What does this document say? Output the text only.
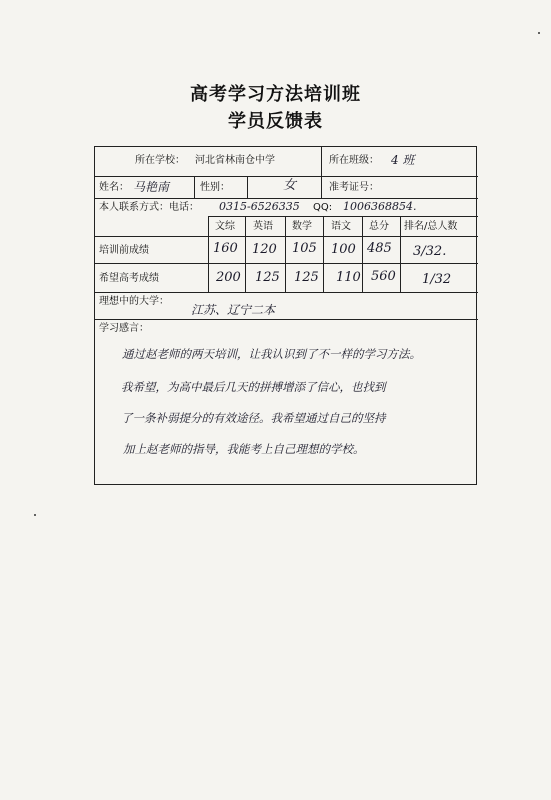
高考学习方法培训班
学员反馈表
所在学校： 河北省林南仓中学	所在班级： 4 班
姓名： 马艳南	性别：	女	准考证号：
本人联系方式：电话： 0315-6526335 QQ: 1006368854.
文综 英语 数学 语文 总分 排名/总人数
培训前成绩	160 120 105 100 485 3/32.
希望高考成绩	200 125 125 110 560 1/32
理想中的大学：
江苏、辽宁二本
学习感言：
通过赵老师的两天培训，让我认识到了不一样的学习方法。
我希望，为高中最后几天的拼搏增添了信心，也找到
了一条补弱提分的有效途径。我希望通过自己的坚持
加上赵老师的指导，我能考上自己理想的学校。
